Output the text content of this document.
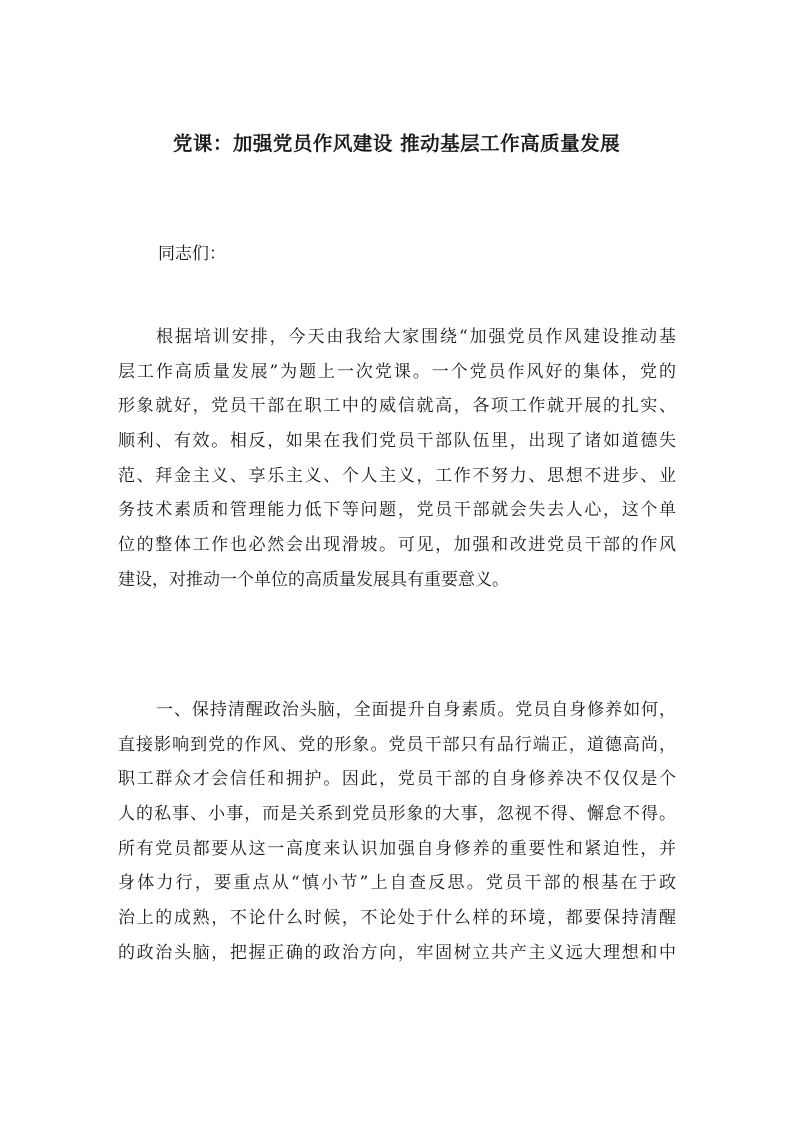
党课：加强党员作风建设 推动基层工作高质量发展

同志们：

根据培训安排，今天由我给大家围绕“加强党员作风建设推动基
层工作高质量发展”为题上一次党课。一个党员作风好的集体，党的
形象就好，党员干部在职工中的威信就高，各项工作就开展的扎实、
顺利、有效。相反，如果在我们党员干部队伍里，出现了诸如道德失
范、拜金主义、享乐主义、个人主义，工作不努力、思想不进步、业
务技术素质和管理能力低下等问题，党员干部就会失去人心，这个单
位的整体工作也必然会出现滑坡。可见，加强和改进党员干部的作风
建设，对推动一个单位的高质量发展具有重要意义。
一、保持清醒政治头脑，全面提升自身素质。党员自身修养如何，
直接影响到党的作风、党的形象。党员干部只有品行端正，道德高尚，
职工群众才会信任和拥护。因此，党员干部的自身修养决不仅仅是个
人的私事、小事，而是关系到党员形象的大事，忽视不得、懈怠不得。
所有党员都要从这一高度来认识加强自身修养的重要性和紧迫性，并
身体力行，要重点从“慎小节”上自查反思。党员干部的根基在于政
治上的成熟，不论什么时候，不论处于什么样的环境，都要保持清醒
的政治头脑，把握正确的政治方向，牢固树立共产主义远大理想和中
